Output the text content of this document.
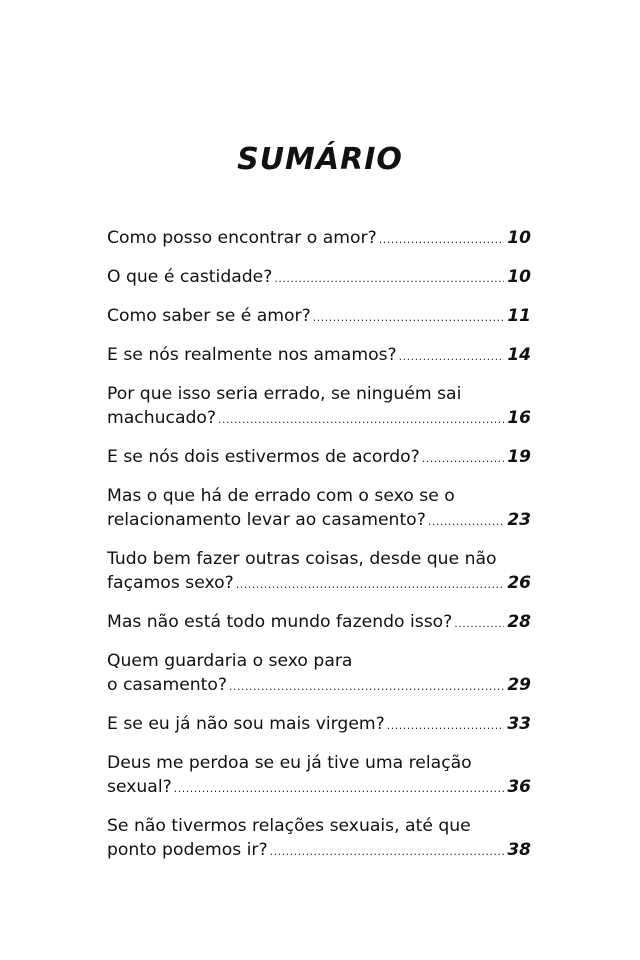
SUMÁRIO
Como posso encontrar o amor? .....	10
O que é castidade? .....	10
Como saber se é amor? .....	11
E se nós realmente nos amamos? .....	14
Por que isso seria errado, se ninguém sai
machucado? .....	16
E se nós dois estivermos de acordo? .....	19
Mas o que há de errado com o sexo se o
relacionamento levar ao casamento? .....	23
Tudo bem fazer outras coisas, desde que não
façamos sexo? .....	26
Mas não está todo mundo fazendo isso? .....	28
Quem guardaria o sexo para
o casamento? .....	29
E se eu já não sou mais virgem? .....	33
Deus me perdoa se eu já tive uma relação
sexual? .....	36
Se não tivermos relações sexuais, até que
ponto podemos ir? .....	38
